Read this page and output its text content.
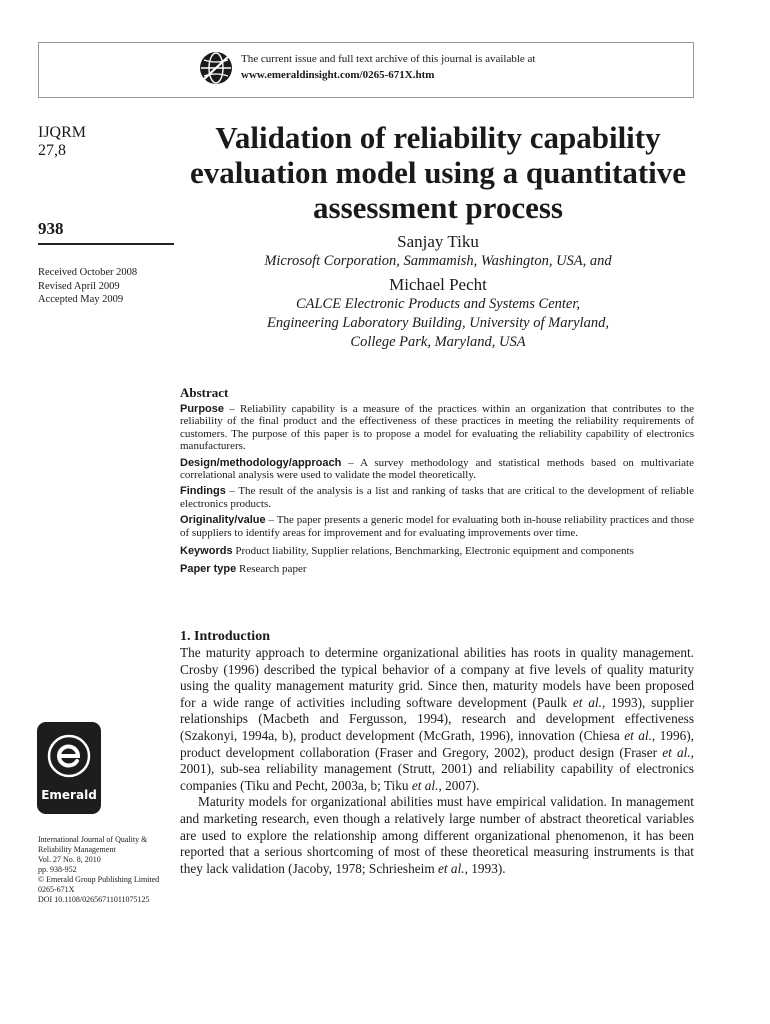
The current issue and full text archive of this journal is available at
www.emeraldinsight.com/0265-671X.htm
IJQRM
27,8
938
Received October 2008
Revised April 2009
Accepted May 2009
Emerald
International Journal of Quality &
Reliability Management
Vol. 27 No. 8, 2010
pp. 938-952
© Emerald Group Publishing Limited
0265-671X
DOI 10.1108/02656711011075125
Validation of reliability capability evaluation model using a quantitative assessment process
Sanjay Tiku
Microsoft Corporation, Sammamish, Washington, USA, and
Michael Pecht
CALCE Electronic Products and Systems Center,
Engineering Laboratory Building, University of Maryland,
College Park, Maryland, USA
Abstract

Purpose – Reliability capability is a measure of the practices within an organization that contributes to the reliability of the final product and the effectiveness of these practices in meeting the reliability requirements of customers. The purpose of this paper is to propose a model for evaluating the reliability capability of electronics manufacturers.

Design/methodology/approach – A survey methodology and statistical methods based on multivariate correlational analysis were used to validate the model theoretically.

Findings – The result of the analysis is a list and ranking of tasks that are critical to the development of reliable electronics products.

Originality/value – The paper presents a generic model for evaluating both in-house reliability practices and those of suppliers to identify areas for improvement and for evaluating improvements over time.

Keywords Product liability, Supplier relations, Benchmarking, Electronic equipment and components

Paper type Research paper

1. Introduction

The maturity approach to determine organizational abilities has roots in quality management. Crosby (1996) described the typical behavior of a company at five levels of quality maturity using the quality management maturity grid. Since then, maturity models have been proposed for a wide range of activities including software development (Paulk et al., 1993), supplier relationships (Macbeth and Fergusson, 1994), research and development effectiveness (Szakonyi, 1994a, b), product development (McGrath, 1996), innovation (Chiesa et al., 1996), product development collaboration (Fraser and Gregory, 2002), product design (Fraser et al., 2001), sub-sea reliability management (Strutt, 2001) and reliability capability of electronics companies (Tiku and Pecht, 2003a, b; Tiku et al., 2007).

Maturity models for organizational abilities must have empirical validation. In management and marketing research, even though a relatively large number of abstract theoretical variables are used to explore the relationship among different organizational phenomenon, it has been reported that a serious shortcoming of most of these theoretical measuring instruments is that they lack validation (Jacoby, 1978; Schriesheim et al., 1993).
